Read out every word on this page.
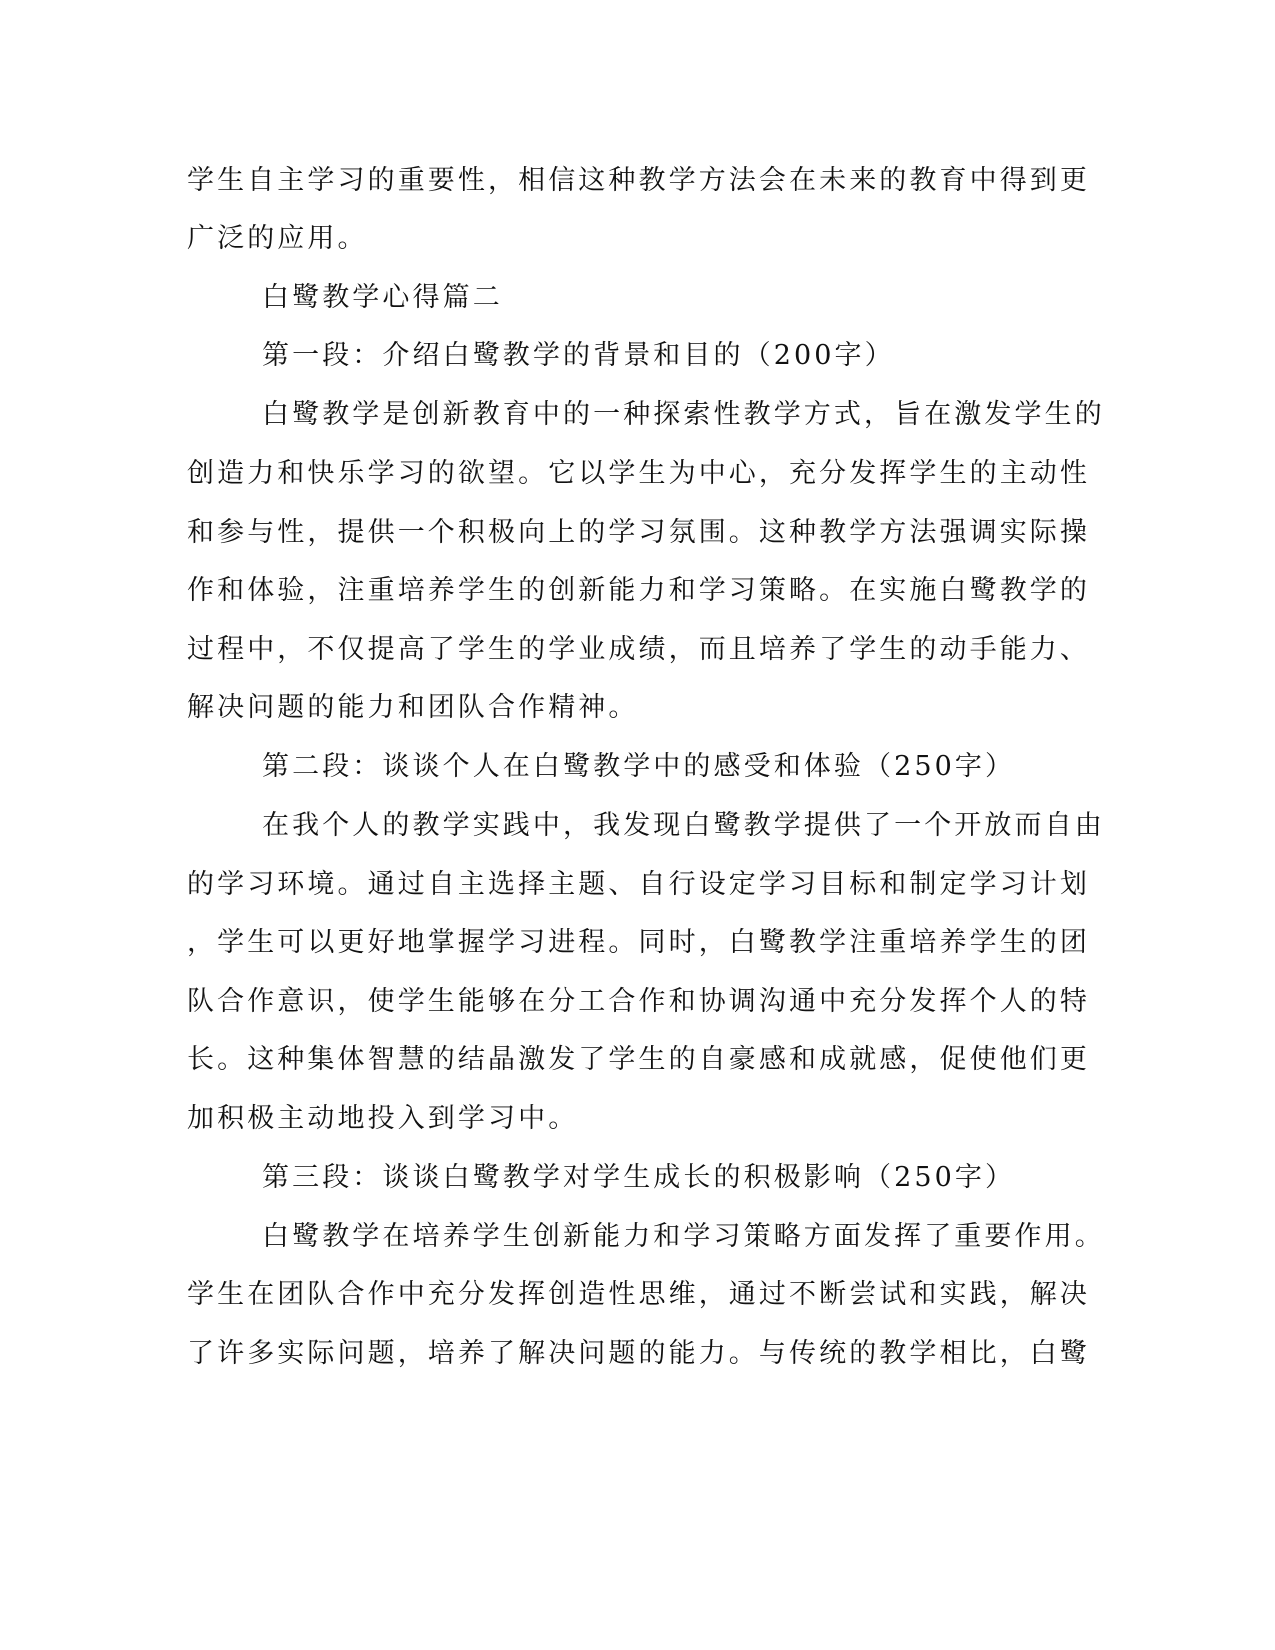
学生自主学习的重要性，相信这种教学方法会在未来的教育中得到更
广泛的应用。
白鹭教学心得篇二
第一段：介绍白鹭教学的背景和目的（200字）
白鹭教学是创新教育中的一种探索性教学方式，旨在激发学生的
创造力和快乐学习的欲望。它以学生为中心，充分发挥学生的主动性
和参与性，提供一个积极向上的学习氛围。这种教学方法强调实际操
作和体验，注重培养学生的创新能力和学习策略。在实施白鹭教学的
过程中，不仅提高了学生的学业成绩，而且培养了学生的动手能力、
解决问题的能力和团队合作精神。
第二段：谈谈个人在白鹭教学中的感受和体验（250字）
在我个人的教学实践中，我发现白鹭教学提供了一个开放而自由
的学习环境。通过自主选择主题、自行设定学习目标和制定学习计划
，学生可以更好地掌握学习进程。同时，白鹭教学注重培养学生的团
队合作意识，使学生能够在分工合作和协调沟通中充分发挥个人的特
长。这种集体智慧的结晶激发了学生的自豪感和成就感，促使他们更
加积极主动地投入到学习中。
第三段：谈谈白鹭教学对学生成长的积极影响（250字）
白鹭教学在培养学生创新能力和学习策略方面发挥了重要作用。
学生在团队合作中充分发挥创造性思维，通过不断尝试和实践，解决
了许多实际问题，培养了解决问题的能力。与传统的教学相比，白鹭
